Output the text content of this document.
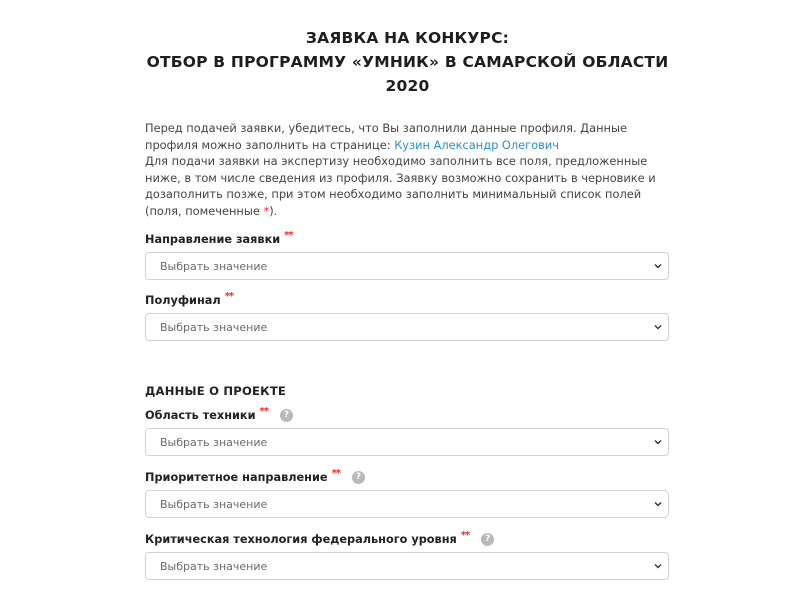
ЗАЯВКА НА КОНКУРС:
ОТБОР В ПРОГРАММУ «УМНИК» В САМАРСКОЙ ОБЛАСТИ
2020
Перед подачей заявки, убедитесь, что Вы заполнили данные профиля. Данные профиля можно заполнить на странице: Кузин Александр Олегович
Для подачи заявки на экспертизу необходимо заполнить все поля, предложенные ниже, в том числе сведения из профиля. Заявку возможно сохранить в черновике и дозаполнить позже, при этом необходимо заполнить минимальный список полей (поля, помеченные *).
Направление заявки **
Выбрать значение
Полуфинал **
Выбрать значение
ДАННЫЕ О ПРОЕКТЕ
Область техники **	?
Выбрать значение
Приоритетное направление **	?
Выбрать значение
Критическая технология федерального уровня **	?
Выбрать значение
